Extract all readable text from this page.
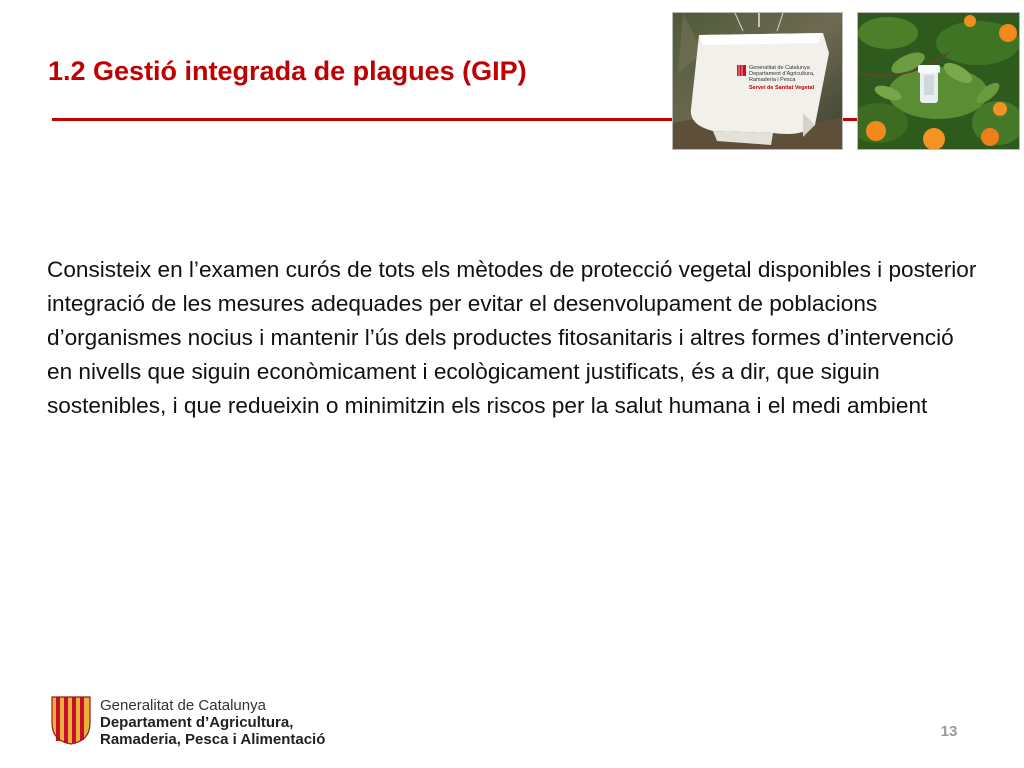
1.2 Gestió integrada de plagues (GIP)	Generalitat de Catalunya
Departament d’Agricultura,
Ramaderia i Pesca
Servei de Sanitat Vegetal

Consisteix en l’examen curós de tots els mètodes de protecció vegetal disponibles i posterior integració de les mesures adequades per evitar el desenvolupament de poblacions d’organismes nocius i mantenir l’ús dels productes fitosanitaris i altres formes d’intervenció en nivells que siguin econòmicament i ecològicament justificats, és a dir, que siguin sostenibles, i que redueixin o minimitzin els riscos per la salut humana i el medi ambient

Generalitat de Catalunya
Departament d’Agricultura,
Ramaderia, Pesca i Alimentació	13
